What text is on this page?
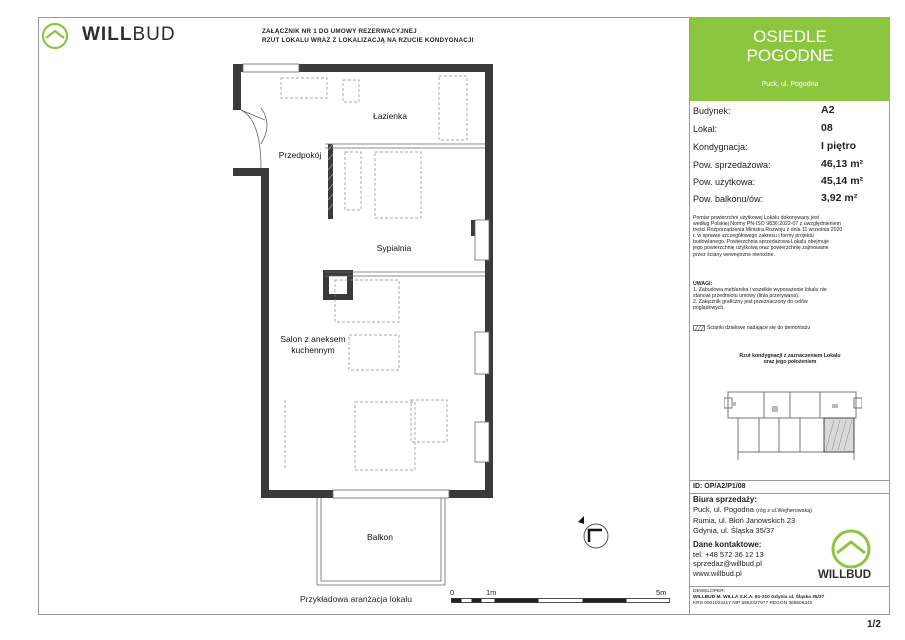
WILLBUD	ZAŁĄCZNIK NR 1 DO UMOWY REZERWACYJNEJ
RZUT LOKALU WRAZ Z LOKALIZACJĄ NA RZUCIE KONDYGNACJI	OSIEDLE
POGODNE
Puck, ul. Pogodna
Budynek:	A2
Lokal:	08
Kondygnacja:	I piętro
Pow. sprzedażowa:	46,13 m²
Pow. użytkowa:	45,14 m²
Pow. balkonu/ów:	3,92 m²
Pomiar powierzchni użytkowej Lokalu dokonywany jest
według Polskiej Normy PN-ISO 9836:2022-07 z uwzględnieniem
treści Rozporządzenia Ministra Rozwoju z dnia 11 września 2020
r. w sprawie szczegółowego zakresu i formy projektu
budowlanego. Powierzchnia sprzedażowa Lokalu obejmuje
jego powierzchnię użytkową oraz powierzchnię zajmowane
przez ściany wewnętrzne nienośne.
UWAGI:
1. Zabudowa meblarska i wszelkie wyposażenie lokalu nie
stanowi przedmiotu umowy (linia przerywana).
2. Załącznik graficzny jest przeznaczony do celów
poglądowych.
Ścianki działowe nadające się do demontażu
Rzut kondygnacji z zaznaczeniem Lokalu
oraz jego położeniem
ID: OP/A2/P1/08
Biura sprzedaży:
Puck, ul. Pogodna (róg z ul.Wejherowską)
Rumia, ul. Błoń Janowskich 23
Gdynia, ul. Śląska 35/37
Dane kontaktowe:
tel. +48 572 36 12 13
sprzedaz@willbud.pl
www.willbud.pl	WILLBUD
DEWELOPER:
WILLBUD M. WILLA S.K.A. 81-310 Gdynia ul. Śląska 35/37
KRS 0001024217 NIP 5862327977 REGON 369506340
1/2
Łazienka
Przedpokój
Sypialnia
Salon z aneksem
kuchennym
Balkon
Przykładowa aranżacja lokalu
0	1m	5m
